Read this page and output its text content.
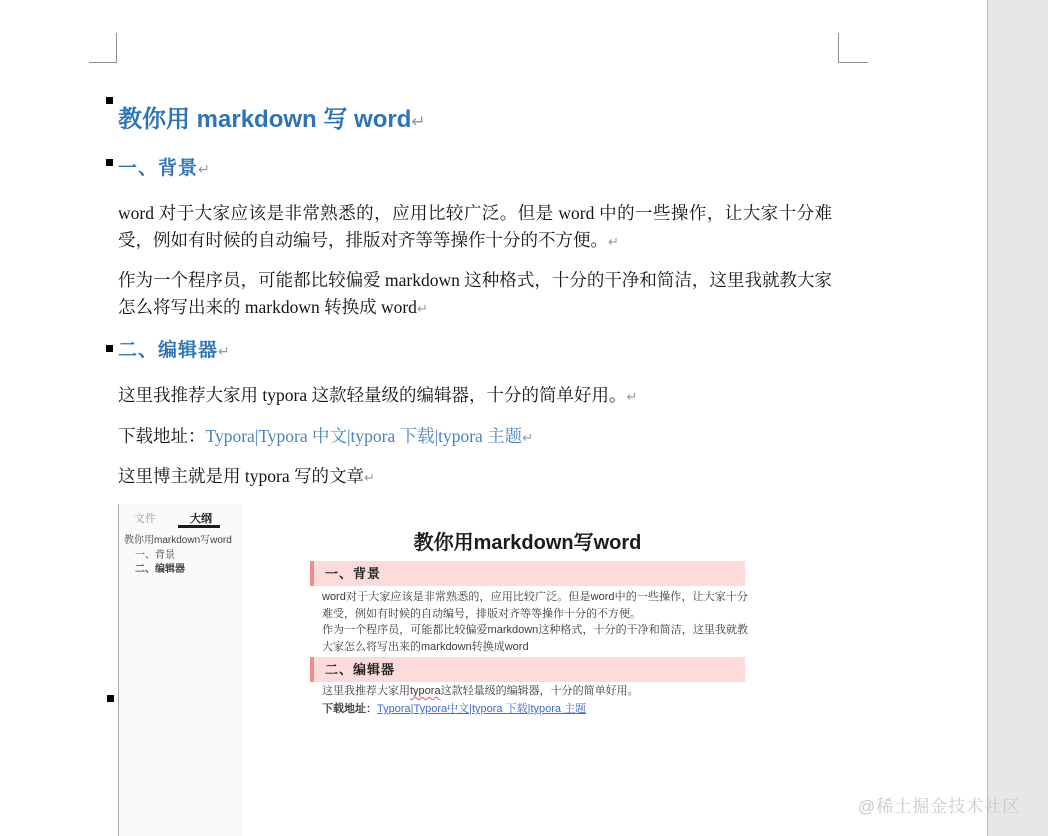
教你用 markdown 写 word↵
一、背景↵
word 对于大家应该是非常熟悉的，应用比较广泛。但是 word 中的一些操作，让大家十分难受，例如有时候的自动编号，排版对齐等等操作十分的不方便。↵
作为一个程序员，可能都比较偏爱 markdown 这种格式，十分的干净和简洁，这里我就教大家怎么将写出来的 markdown 转换成 word↵
二、编辑器↵
这里我推荐大家用 typora 这款轻量级的编辑器，十分的简单好用。↵
下载地址：Typora|Typora 中文|typora 下载|typora 主题↵
这里博主就是用 typora 写的文章↵
文件	大纲
教你用markdown写word
一、背景
二、编辑器
教你用markdown写word
一、背景
word对于大家应该是非常熟悉的，应用比较广泛。但是word中的一些操作，让大家十分难受，例如有时候的自动编号，排版对齐等等操作十分的不方便。
作为一个程序员，可能都比较偏爱markdown这种格式，十分的干净和简洁，这里我就教大家怎么将写出来的markdown转换成word
二、编辑器
这里我推荐大家用typora这款轻量级的编辑器，十分的简单好用。
下载地址：Typora|Typora中文|typora 下载|typora 主题
@稀土掘金技术社区
